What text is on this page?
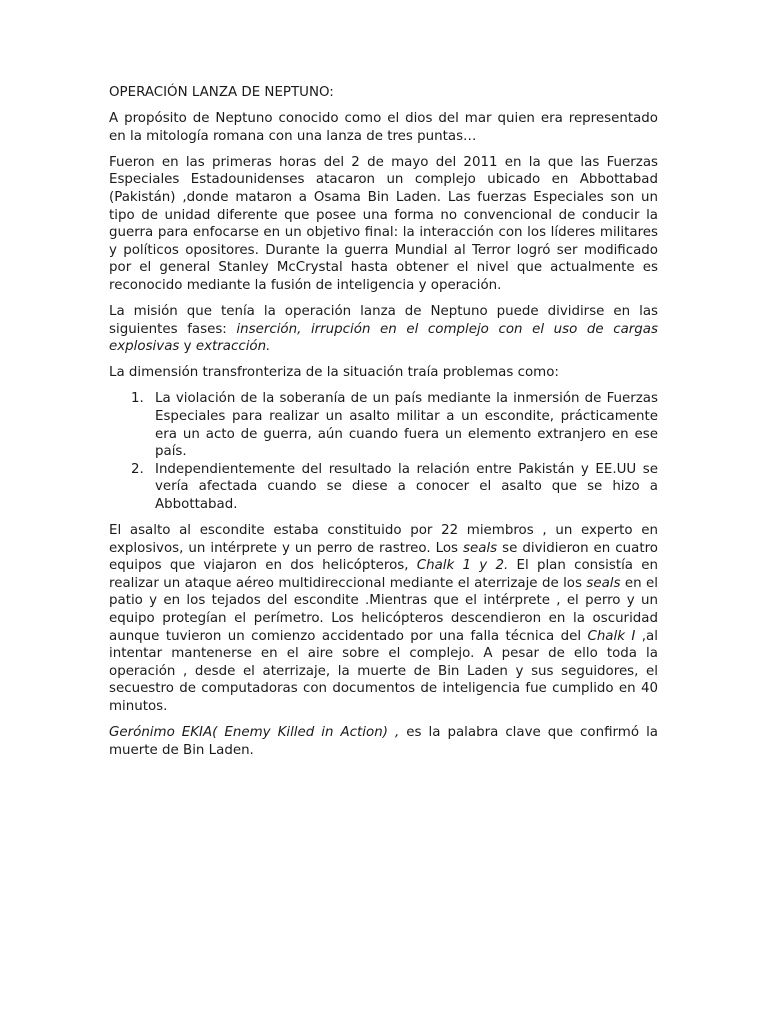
OPERACIÓN LANZA DE NEPTUNO:

A propósito de Neptuno conocido como el dios del mar quien era representado en la mitología romana con una lanza de tres puntas…

Fueron en las primeras horas del 2 de mayo del 2011 en la que las Fuerzas Especiales Estadounidenses atacaron un complejo ubicado en Abbottabad (Pakistán) ,donde mataron a Osama Bin Laden. Las fuerzas Especiales son un tipo de unidad diferente que posee una forma no convencional de conducir la guerra para enfocarse en un objetivo final: la interacción con los líderes militares y políticos opositores. Durante la guerra Mundial al Terror logró ser modificado por el general Stanley McCrystal hasta obtener el nivel que actualmente es reconocido mediante la fusión de inteligencia y operación.

La misión que tenía la operación lanza de Neptuno puede dividirse en las siguientes fases: inserción, irrupción en el complejo con el uso de cargas explosivas y extracción.

La dimensión transfronteriza de la situación traía problemas como:

1. La violación de la soberanía de un país mediante la inmersión de Fuerzas Especiales para realizar un asalto militar a un escondite, prácticamente era un acto de guerra, aún cuando fuera un elemento extranjero en ese país.
2. Independientemente del resultado la relación entre Pakistán y EE.UU se vería afectada cuando se diese a conocer el asalto que se hizo a Abbottabad.

El asalto al escondite estaba constituido por 22 miembros , un experto en explosivos, un intérprete y un perro de rastreo. Los seals se dividieron en cuatro equipos que viajaron en dos helicópteros, Chalk 1 y 2. El plan consistía en realizar un ataque aéreo multidireccional mediante el aterrizaje de los seals en el patio y en los tejados del escondite .Mientras que el intérprete , el perro y un equipo protegían el perímetro. Los helicópteros descendieron en la oscuridad aunque tuvieron un comienzo accidentado por una falla técnica del Chalk I ,al intentar mantenerse en el aire sobre el complejo. A pesar de ello toda la operación , desde el aterrizaje, la muerte de Bin Laden y sus seguidores, el secuestro de computadoras con documentos de inteligencia fue cumplido en 40 minutos.

Gerónimo EKIA( Enemy Killed in Action) , es la palabra clave que confirmó la muerte de Bin Laden.
